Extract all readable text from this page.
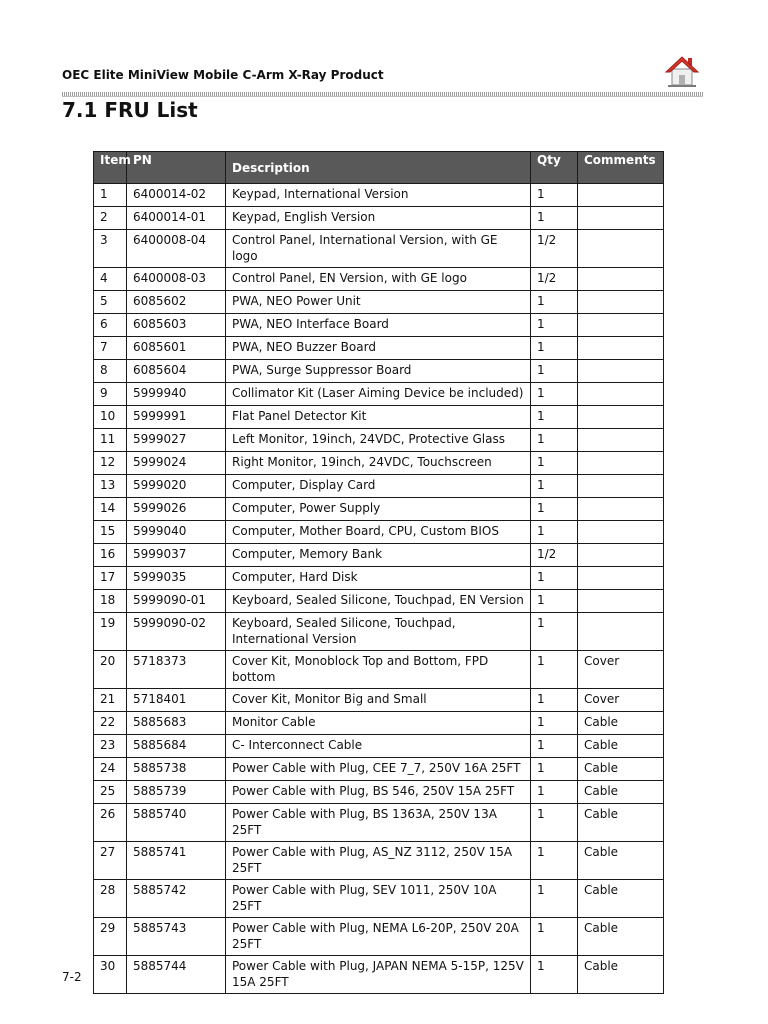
OEC Elite MiniView Mobile C-Arm X-Ray Product
7.1 FRU List
Item	PN	Description	Qty	Comments
1	6400014-02	Keypad, International Version	1	
2	6400014-01	Keypad, English Version	1	
3	6400008-04	Control Panel, International Version, with GE logo	1/2	
4	6400008-03	Control Panel, EN Version, with GE logo	1/2	
5	6085602	PWA, NEO Power Unit	1	
6	6085603	PWA, NEO Interface Board	1	
7	6085601	PWA, NEO Buzzer Board	1	
8	6085604	PWA, Surge Suppressor Board	1	
9	5999940	Collimator Kit (Laser Aiming Device be included)	1	
10	5999991	Flat Panel Detector Kit	1	
11	5999027	Left Monitor, 19inch, 24VDC, Protective Glass	1	
12	5999024	Right Monitor, 19inch, 24VDC, Touchscreen	1	
13	5999020	Computer, Display Card	1	
14	5999026	Computer, Power Supply	1	
15	5999040	Computer, Mother Board, CPU, Custom BIOS	1	
16	5999037	Computer, Memory Bank	1/2	
17	5999035	Computer, Hard Disk	1	
18	5999090-01	Keyboard, Sealed Silicone, Touchpad, EN Version	1	
19	5999090-02	Keyboard, Sealed Silicone, Touchpad, International Version	1	
20	5718373	Cover Kit, Monoblock Top and Bottom, FPD bottom	1	Cover
21	5718401	Cover Kit, Monitor Big and Small	1	Cover
22	5885683	Monitor Cable	1	Cable
23	5885684	C- Interconnect Cable	1	Cable
24	5885738	Power Cable with Plug, CEE 7_7, 250V 16A 25FT	1	Cable
25	5885739	Power Cable with Plug, BS 546, 250V 15A 25FT	1	Cable
26	5885740	Power Cable with Plug, BS 1363A, 250V 13A 25FT	1	Cable
27	5885741	Power Cable with Plug, AS_NZ 3112, 250V 15A 25FT	1	Cable
28	5885742	Power Cable with Plug, SEV 1011, 250V 10A 25FT	1	Cable
29	5885743	Power Cable with Plug, NEMA L6-20P, 250V 20A 25FT	1	Cable
30	5885744	Power Cable with Plug, JAPAN NEMA 5-15P, 125V 15A 25FT	1	Cable
7-2
